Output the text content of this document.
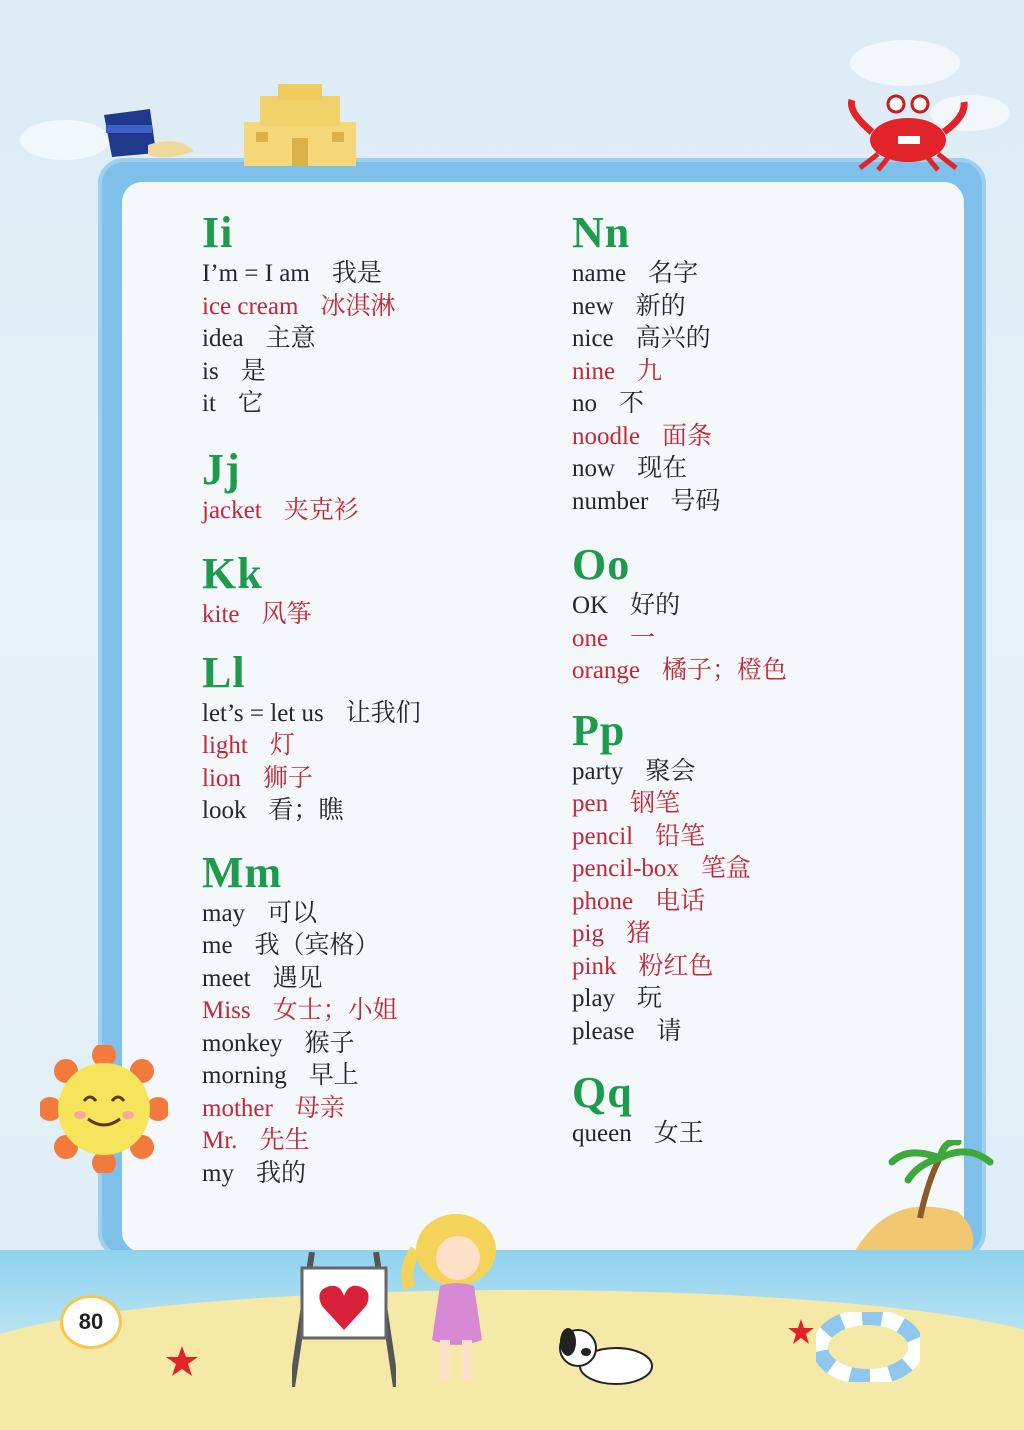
Ii
I’m = I am 我是
ice cream 冰淇淋
idea 主意
is 是
it 它
Jj
jacket 夹克衫
Kk
kite 风筝
Ll
let’s = let us 让我们
light 灯
lion 狮子
look 看；瞧
Mm
may 可以
me 我（宾格）
meet 遇见
Miss 女士；小姐
monkey 猴子
morning 早上
mother 母亲
Mr. 先生
my 我的
Nn
name 名字
new 新的
nice 高兴的
nine 九
no 不
noodle 面条
now 现在
number 号码
Oo
OK 好的
one 一
orange 橘子；橙色
Pp
party 聚会
pen 钢笔
pencil 铅笔
pencil-box 笔盒
phone 电话
pig 猪
pink 粉红色
play 玩
please 请
Qq
queen 女王
80
